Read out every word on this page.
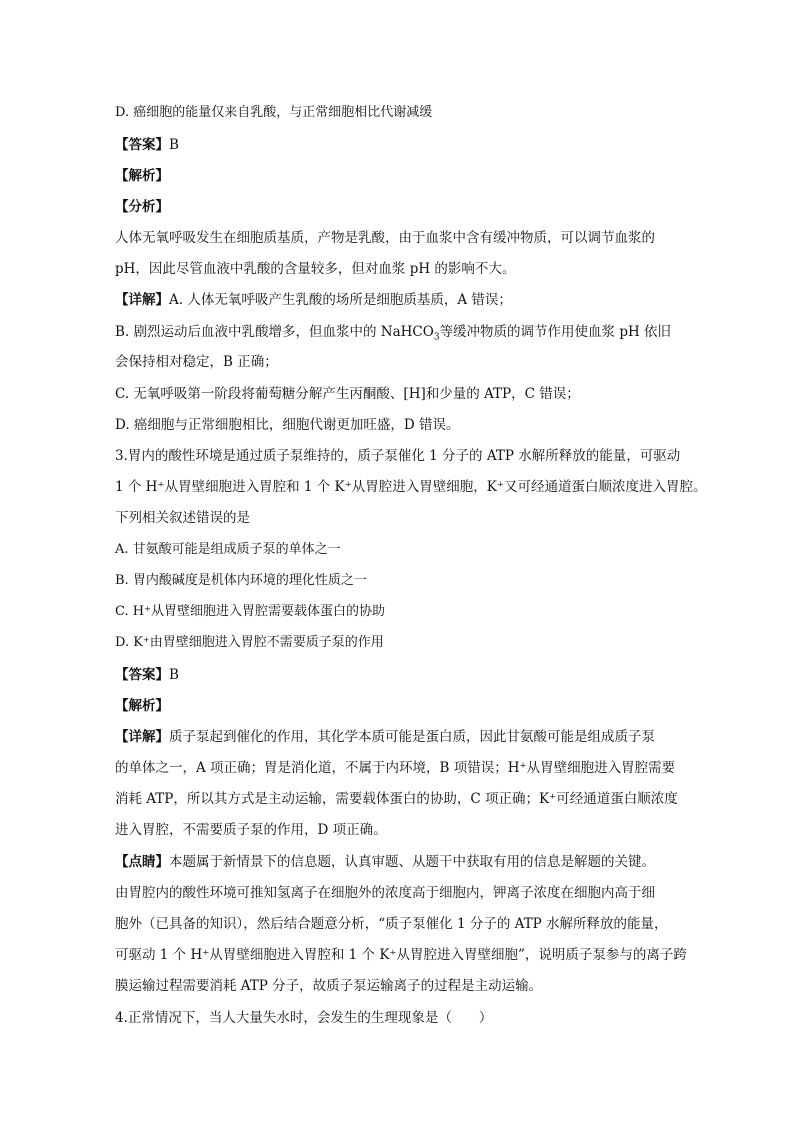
D. 癌细胞的能量仅来自乳酸，与正常细胞相比代谢减缓
【答案】B
【解析】
【分析】
人体无氧呼吸发生在细胞质基质，产物是乳酸，由于血浆中含有缓冲物质，可以调节血浆的
pH，因此尽管血液中乳酸的含量较多，但对血浆 pH 的影响不大。
【详解】A. 人体无氧呼吸产生乳酸的场所是细胞质基质，A 错误；
B. 剧烈运动后血液中乳酸增多，但血浆中的 NaHCO$_3$等缓冲物质的调节作用使血浆 pH 依旧
会保持相对稳定，B 正确；
C. 无氧呼吸第一阶段将葡萄糖分解产生丙酮酸、[H]和少量的 ATP，C 错误；
D. 癌细胞与正常细胞相比，细胞代谢更加旺盛，D 错误。
3.胃内的酸性环境是通过质子泵维持的，质子泵催化 1 分子的 ATP 水解所释放的能量，可驱动
1 个 H⁺从胃壁细胞进入胃腔和 1 个 K⁺从胃腔进入胃壁细胞，K⁺又可经通道蛋白顺浓度进入胃腔。
下列相关叙述错误的是
A. 甘氨酸可能是组成质子泵的单体之一
B. 胃内酸碱度是机体内环境的理化性质之一
C. H⁺从胃壁细胞进入胃腔需要载体蛋白的协助
D. K⁺由胃壁细胞进入胃腔不需要质子泵的作用
【答案】B
【解析】
【详解】质子泵起到催化的作用，其化学本质可能是蛋白质，因此甘氨酸可能是组成质子泵
的单体之一，A 项正确；胃是消化道，不属于内环境，B 项错误；H⁺从胃壁细胞进入胃腔需要
消耗 ATP，所以其方式是主动运输，需要载体蛋白的协助，C 项正确；K⁺可经通道蛋白顺浓度
进入胃腔，不需要质子泵的作用，D 项正确。
【点睛】本题属于新情景下的信息题，认真审题、从题干中获取有用的信息是解题的关键。
由胃腔内的酸性环境可推知氢离子在细胞外的浓度高于细胞内，钾离子浓度在细胞内高于细
胞外（已具备的知识），然后结合题意分析，“质子泵催化 1 分子的 ATP 水解所释放的能量，
可驱动 1 个 H⁺从胃壁细胞进入胃腔和 1 个 K⁺从胃腔进入胃壁细胞”，说明质子泵参与的离子跨
膜运输过程需要消耗 ATP 分子，故质子泵运输离子的过程是主动运输。
4.正常情况下，当人大量失水时，会发生的生理现象是（　　）
